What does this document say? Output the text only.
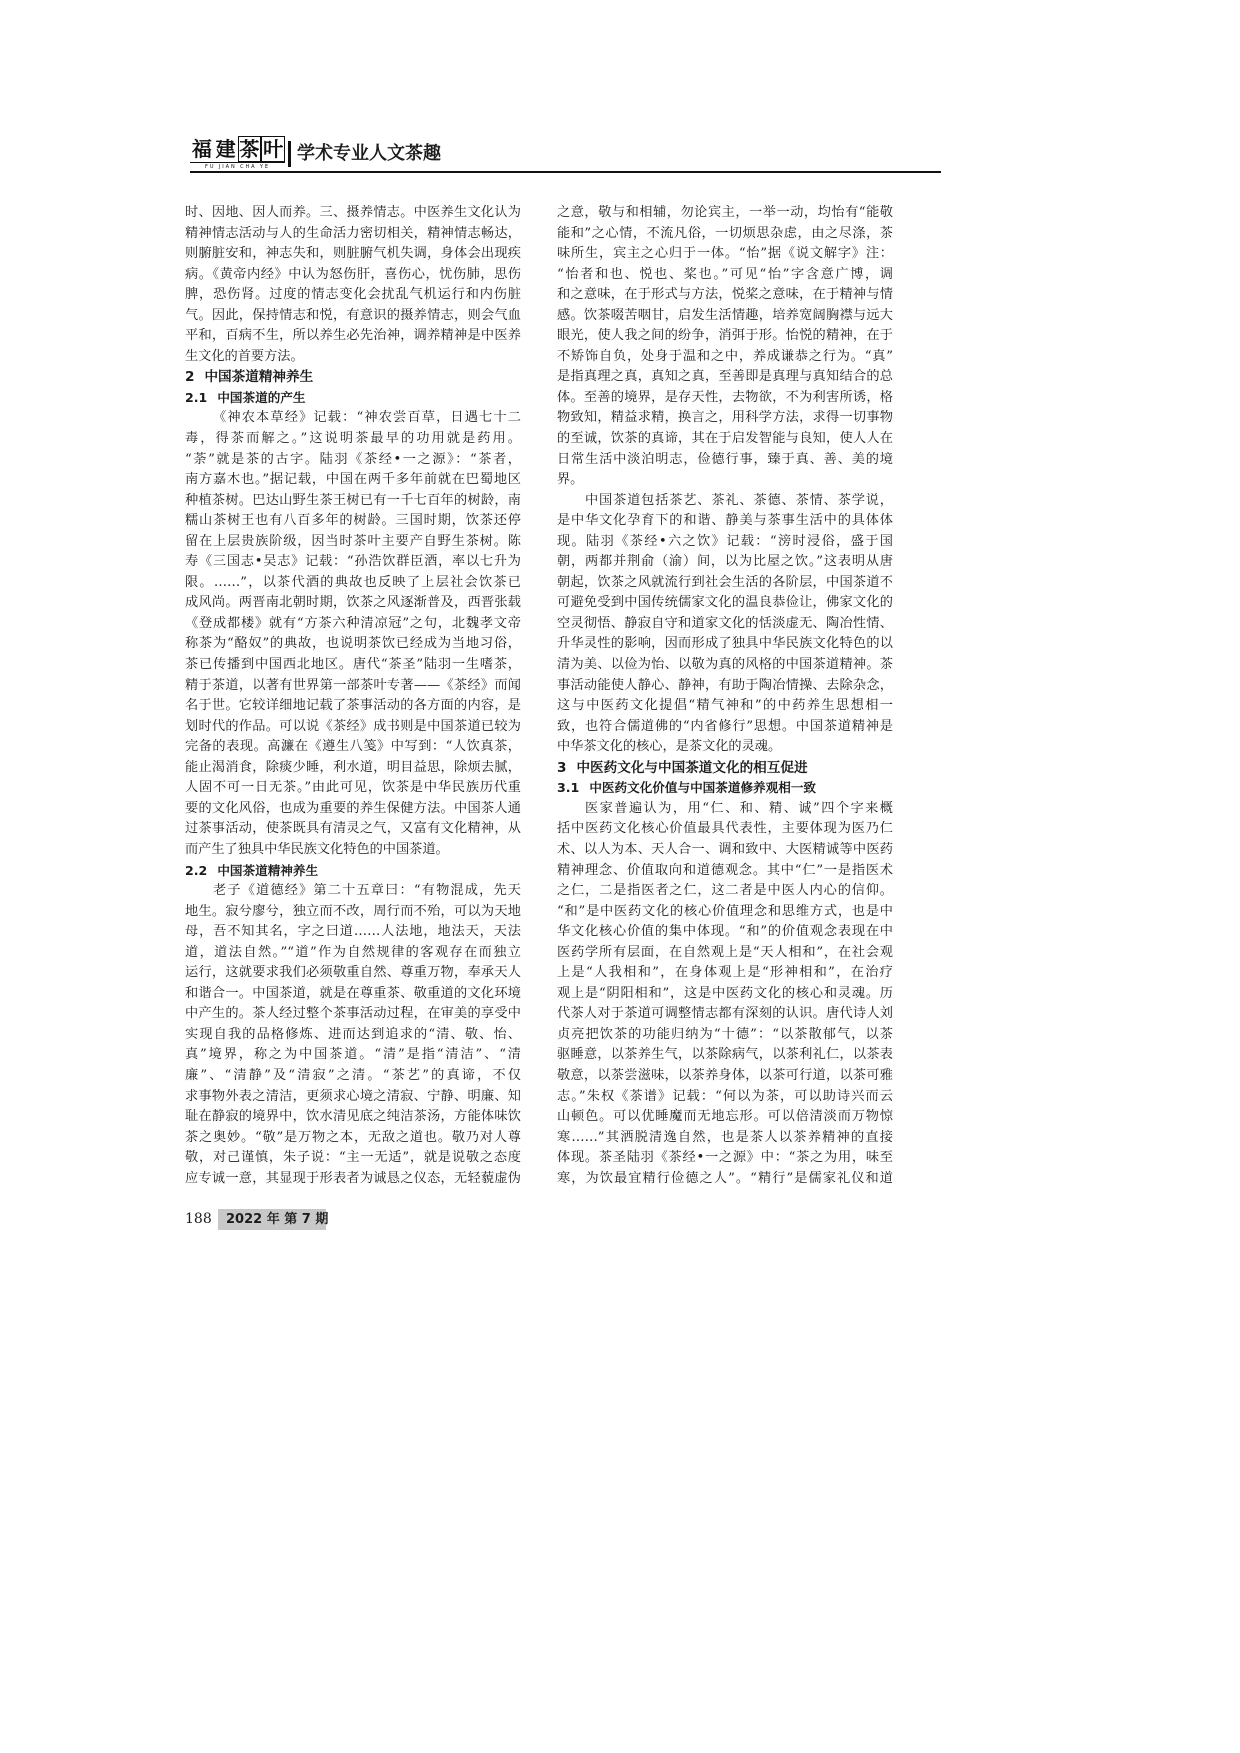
福 建 茶 叶
FU JIAN CHA YE
学术专业人文茶趣
时、因地、因人而养。三、摄养情志。中医养生文化认为
精神情志活动与人的生命活力密切相关，精神情志畅达，
则腑脏安和，神志失和，则脏腑气机失调，身体会出现疾
病。《黄帝内经》中认为怒伤肝，喜伤心，忧伤肺，思伤
脾，恐伤肾。过度的情志变化会扰乱气机运行和内伤脏
气。因此，保持情志和悦，有意识的摄养情志，则会气血
平和，百病不生，所以养生必先治神，调养精神是中医养
生文化的首要方法。
2 中国茶道精神养生
2.1 中国茶道的产生
《神农本草经》记载：“神农尝百草，日遇七十二
毒，得茶而解之。”这说明茶最早的功用就是药用。
“荼”就是茶的古字。陆羽《茶经•一之源》：“茶者，
南方嘉木也。”据记载，中国在两千多年前就在巴蜀地区
种植茶树。巴达山野生茶王树已有一千七百年的树龄，南
糯山茶树王也有八百多年的树龄。三国时期，饮茶还停
留在上层贵族阶级，因当时茶叶主要产自野生茶树。陈
寿《三国志•吴志》记载：“孙浩饮群臣酒，率以七升为
限。……”，以茶代酒的典故也反映了上层社会饮茶已
成风尚。两晋南北朝时期，饮茶之风逐渐普及，西晋张载
《登成都楼》就有“方茶六种清凉冠”之句，北魏孝文帝
称茶为“酪奴”的典故，也说明茶饮已经成为当地习俗，
茶已传播到中国西北地区。唐代“茶圣”陆羽一生嗜茶，
精于茶道，以著有世界第一部茶叶专著——《茶经》而闻
名于世。它较详细地记载了茶事活动的各方面的内容，是
划时代的作品。可以说《茶经》成书则是中国茶道已较为
完备的表现。高濂在《遵生八笺》中写到：“人饮真茶，
能止渴消食，除痰少睡，利水道，明目益思，除烦去腻，
人固不可一日无茶。”由此可见，饮茶是中华民族历代重
要的文化风俗，也成为重要的养生保健方法。中国茶人通
过茶事活动，使茶既具有清灵之气，又富有文化精神，从
而产生了独具中华民族文化特色的中国茶道。
2.2 中国茶道精神养生
老子《道德经》第二十五章曰：“有物混成，先天
地生。寂兮廖兮，独立而不改，周行而不殆，可以为天地
母，吾不知其名，字之曰道……人法地，地法天，天法
道，道法自然。”“道”作为自然规律的客观存在而独立
运行，这就要求我们必须敬重自然、尊重万物，奉承天人
和谐合一。中国茶道，就是在尊重茶、敬重道的文化环境
中产生的。茶人经过整个茶事活动过程，在审美的享受中
实现自我的品格修炼、进而达到追求的“清、敬、怡、
真”境界，称之为中国茶道。“清”是指“清洁”、“清
廉”、“清静”及“清寂”之清。“茶艺”的真谛，不仅
求事物外表之清洁，更须求心境之清寂、宁静、明廉、知
耻在静寂的境界中，饮水清见底之纯洁茶汤，方能体味饮
茶之奥妙。“敬”是万物之本，无敌之道也。敬乃对人尊
敬，对己谨慎，朱子说：“主一无适”，就是说敬之态度
应专诚一意，其显现于形表者为诚恳之仪态，无轻藐虚伪
之意，敬与和相辅，勿论宾主，一举一动，均怡有“能敬
能和”之心情，不流凡俗，一切烦思杂虑，由之尽涤，茶
味所生，宾主之心归于一体。“怡”据《说文解字》注：
“怡者和也、悦也、桨也。”可见“怡”字含意广博，调
和之意味，在于形式与方法，悦桨之意味，在于精神与情
感。饮茶啜苦咽甘，启发生活情趣，培养宽阔胸襟与远大
眼光，使人我之间的纷争，消弭于形。怡悦的精神，在于
不矫饰自负，处身于温和之中，养成谦恭之行为。“真”
是指真理之真，真知之真，至善即是真理与真知结合的总
体。至善的境界，是存天性，去物欲，不为利害所诱，格
物致知，精益求精，换言之，用科学方法，求得一切事物
的至诚，饮茶的真谛，其在于启发智能与良知，使人人在
日常生活中淡泊明志，俭德行事，臻于真、善、美的境
界。
中国茶道包括茶艺、茶礼、茶德、茶情、茶学说，
是中华文化孕育下的和谐、静美与茶事生活中的具体体
现。陆羽《茶经•六之饮》记载：“滂时浸俗，盛于国
朝，两都并荆俞（渝）间，以为比屋之饮。”这表明从唐
朝起，饮茶之风就流行到社会生活的各阶层，中国茶道不
可避免受到中国传统儒家文化的温良恭俭让，佛家文化的
空灵彻悟、静寂自守和道家文化的恬淡虚无、陶冶性情、
升华灵性的影响，因而形成了独具中华民族文化特色的以
清为美、以俭为怡、以敬为真的风格的中国茶道精神。茶
事活动能使人静心、静神，有助于陶冶情操、去除杂念，
这与中医药文化提倡“精气神和”的中药养生思想相一
致，也符合儒道佛的“内省修行”思想。中国茶道精神是
中华茶文化的核心，是茶文化的灵魂。
3 中医药文化与中国茶道文化的相互促进
3.1 中医药文化价值与中国茶道修养观相一致
医家普遍认为，用“仁、和、精、诚”四个字来概
括中医药文化核心价值最具代表性，主要体现为医乃仁
术、以人为本、天人合一、调和致中、大医精诚等中医药
精神理念、价值取向和道德观念。其中“仁”一是指医术
之仁，二是指医者之仁，这二者是中医人内心的信仰。
“和”是中医药文化的核心价值理念和思维方式，也是中
华文化核心价值的集中体现。“和”的价值观念表现在中
医药学所有层面，在自然观上是“天人相和”，在社会观
上是“人我相和”，在身体观上是“形神相和”，在治疗
观上是“阴阳相和”，这是中医药文化的核心和灵魂。历
代茶人对于茶道可调整情志都有深刻的认识。唐代诗人刘
贞亮把饮茶的功能归纳为“十德”：“以茶散郁气，以茶
驱睡意，以茶养生气，以茶除病气，以茶利礼仁，以茶表
敬意，以茶尝滋味，以茶养身体，以茶可行道，以茶可雅
志。”朱权《茶谱》记载：“何以为茶，可以助诗兴而云
山顿色。可以优睡魔而无地忘形。可以倍清淡而万物惊
寒……”其洒脱清逸自然，也是茶人以茶养精神的直接
体现。茶圣陆羽《茶经•一之源》中：“茶之为用，味至
寒，为饮最宜精行俭德之人”。“精行”是儒家礼仪和道
188	2022 年 第 7 期
